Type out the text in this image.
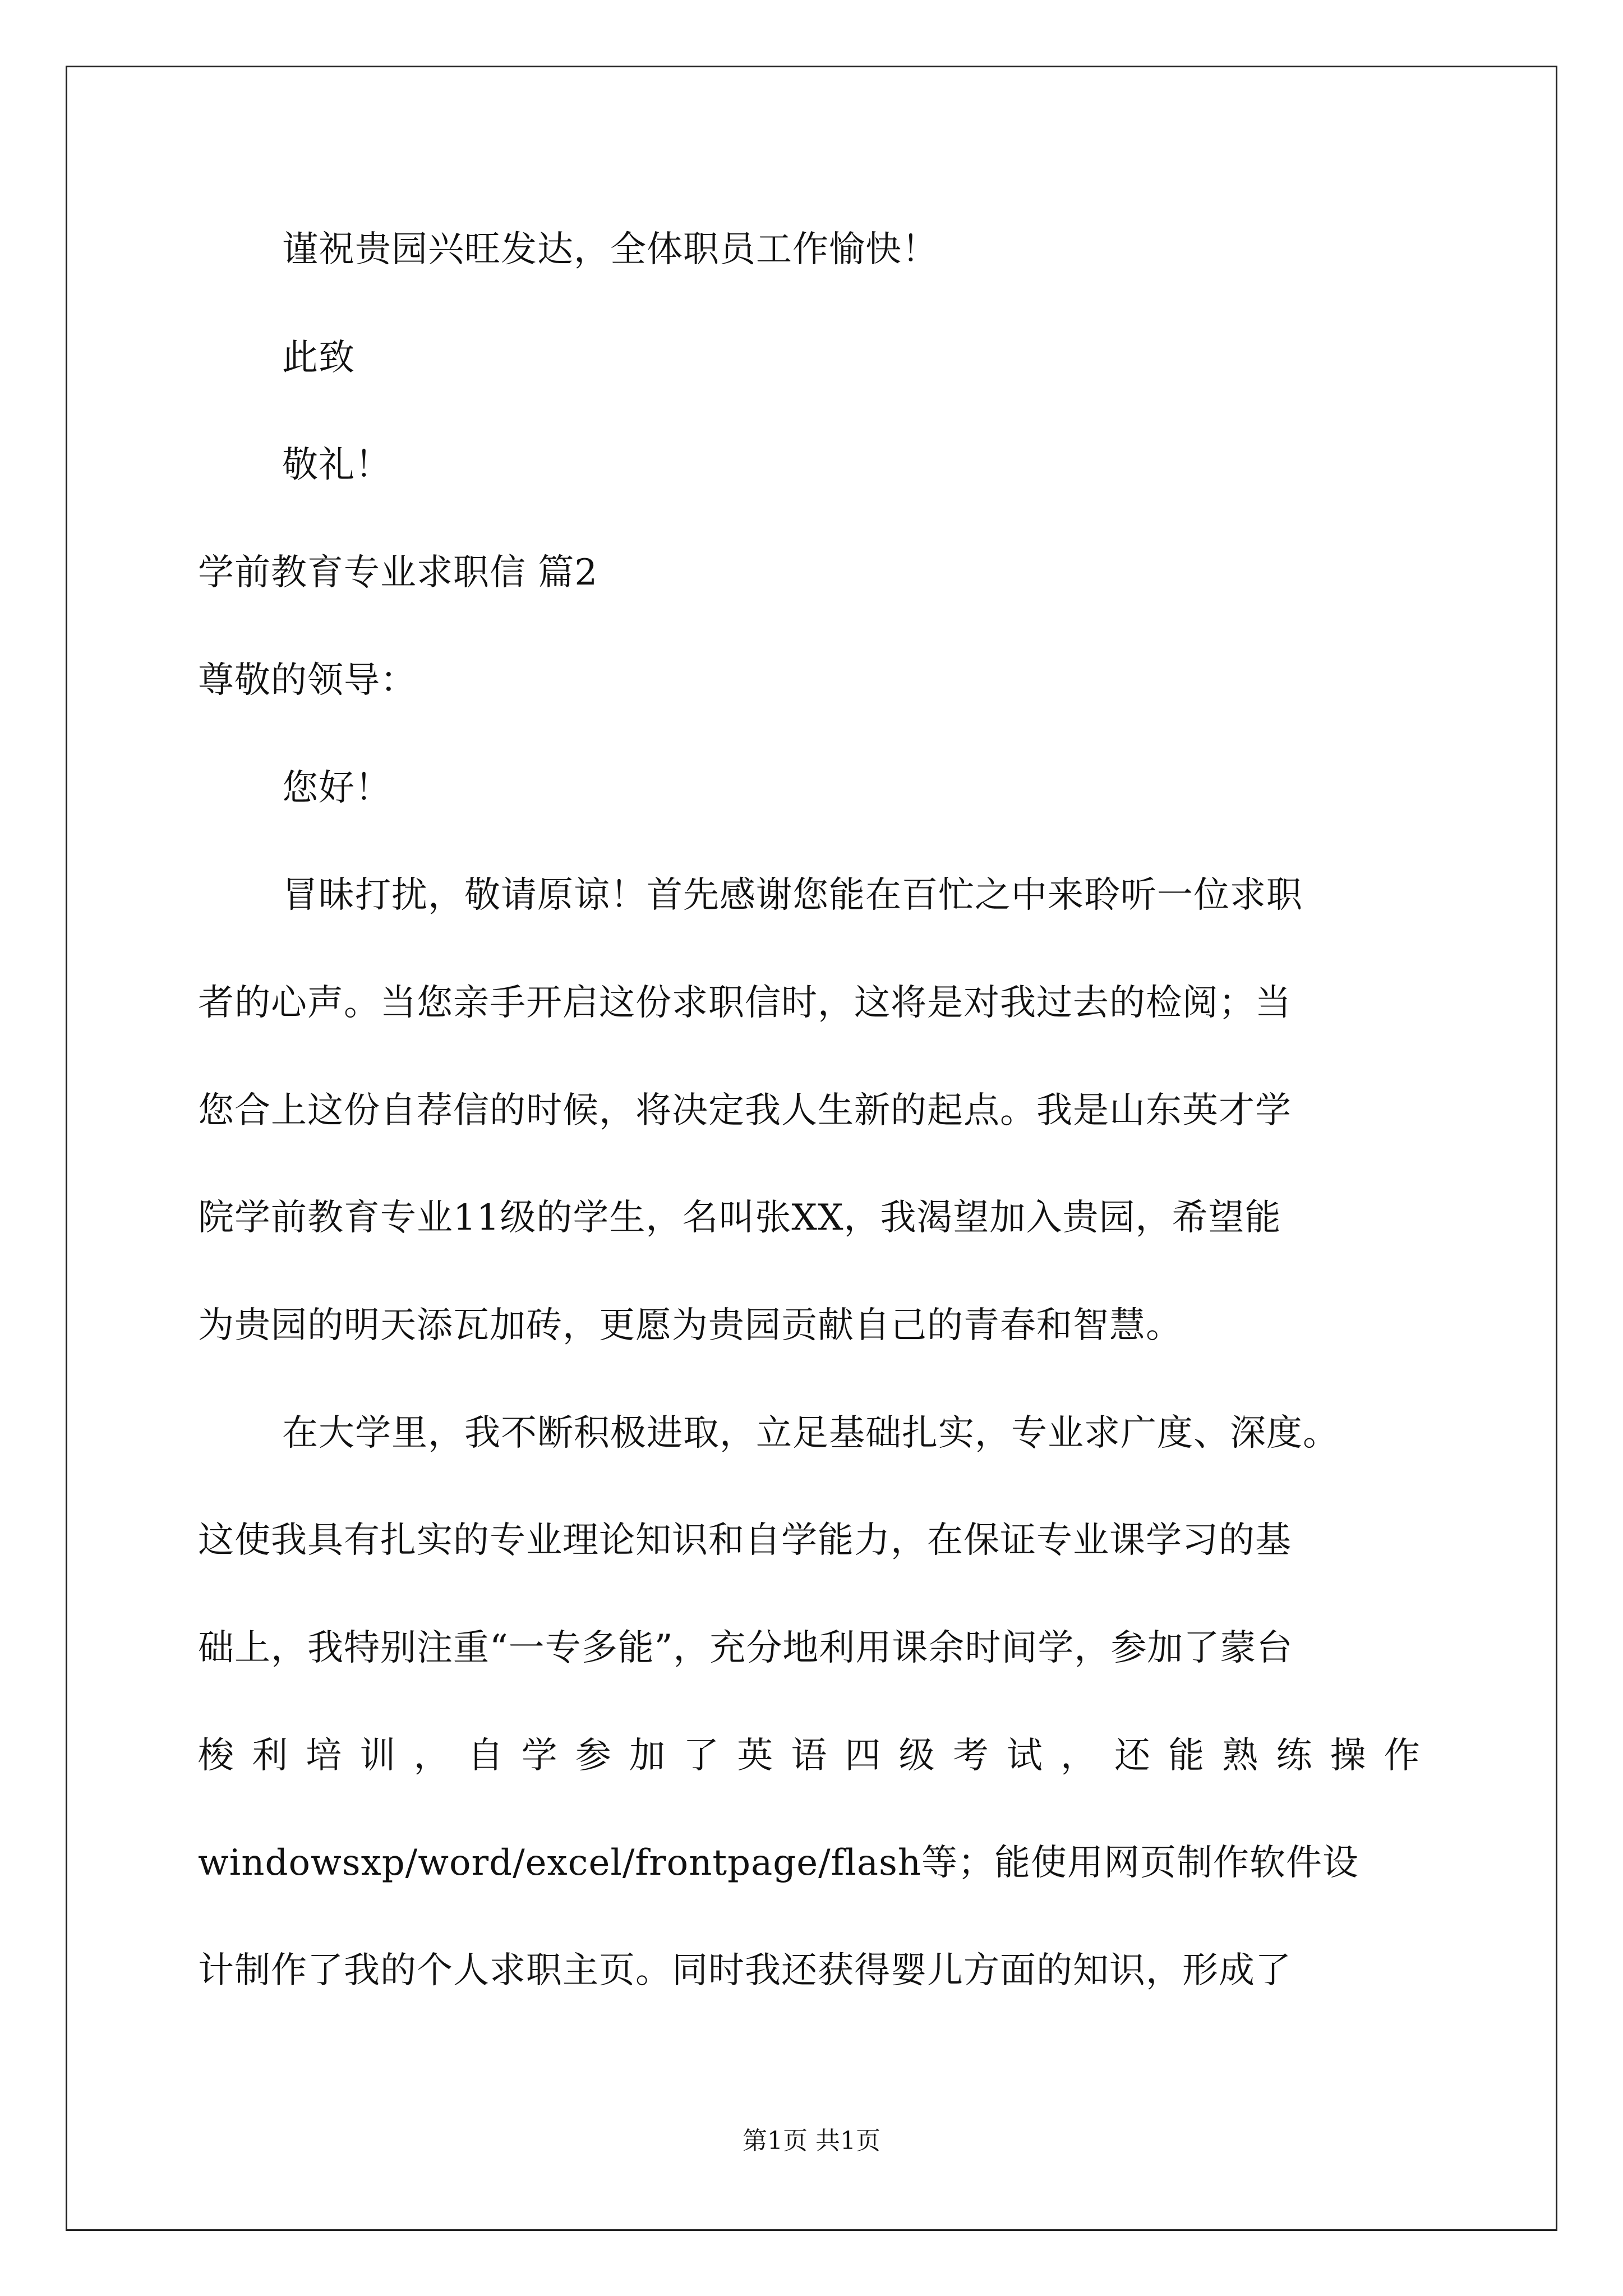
谨祝贵园兴旺发达，全体职员工作愉快！
此致
敬礼！
学前教育专业求职信 篇2
尊敬的领导：
您好！
冒昧打扰，敬请原谅！首先感谢您能在百忙之中来聆听一位求职
者的心声。当您亲手开启这份求职信时，这将是对我过去的检阅；当
您合上这份自荐信的时候，将决定我人生新的起点。我是山东英才学
院学前教育专业11级的学生，名叫张XX，我渴望加入贵园，希望能
为贵园的明天添瓦加砖，更愿为贵园贡献自己的青春和智慧。
在大学里，我不断积极进取，立足基础扎实，专业求广度、深度。
这使我具有扎实的专业理论知识和自学能力，在保证专业课学习的基
础上，我特别注重“一专多能”，充分地利用课余时间学，参加了蒙台
梭 利 培 训 ， 自 学 参 加 了 英 语 四 级 考 试 ， 还 能 熟 练 操 作
windowsxp/word/excel/frontpage/flash等；能使用网页制作软件设
计制作了我的个人求职主页。同时我还获得婴儿方面的知识，形成了
第1页 共1页
